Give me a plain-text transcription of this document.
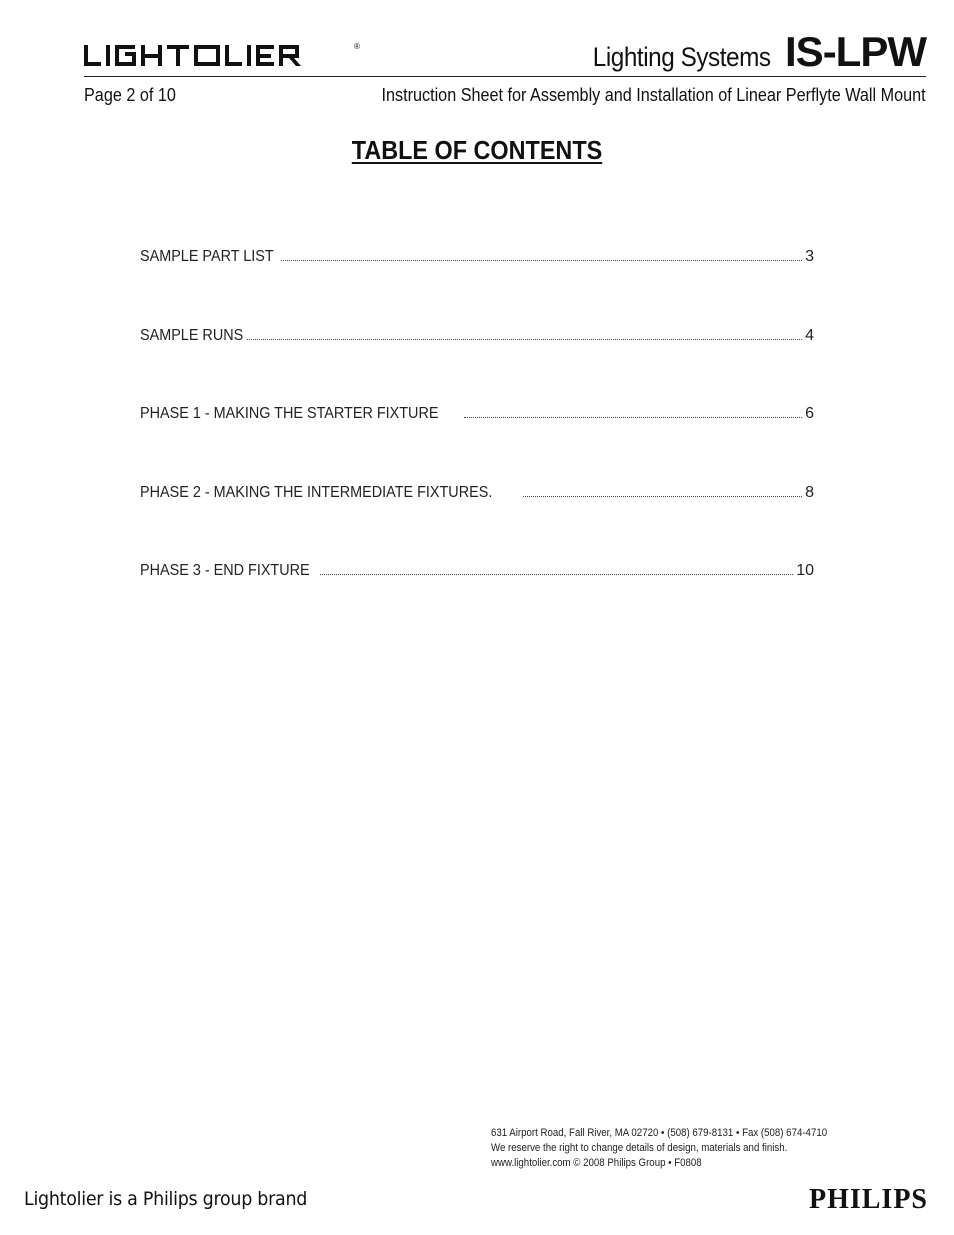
®	Lighting Systems IS-LPW
Page 2 of 10	Instruction Sheet for Assembly and Installation of Linear Perflyte Wall Mount
TABLE OF CONTENTS
SAMPLE PART LIST	3
SAMPLE RUNS	4
PHASE 1 - MAKING THE STARTER FIXTURE	6
PHASE 2 - MAKING THE INTERMEDIATE FIXTURES.	8
PHASE 3 - END FIXTURE	10
631 Airport Road, Fall River, MA 02720 • (508) 679-8131 • Fax (508) 674-4710
We reserve the right to change details of design, materials and finish.
www.lightolier.com © 2008 Philips Group • F0808
Lightolier is a Philips group brand	PHILIPS
